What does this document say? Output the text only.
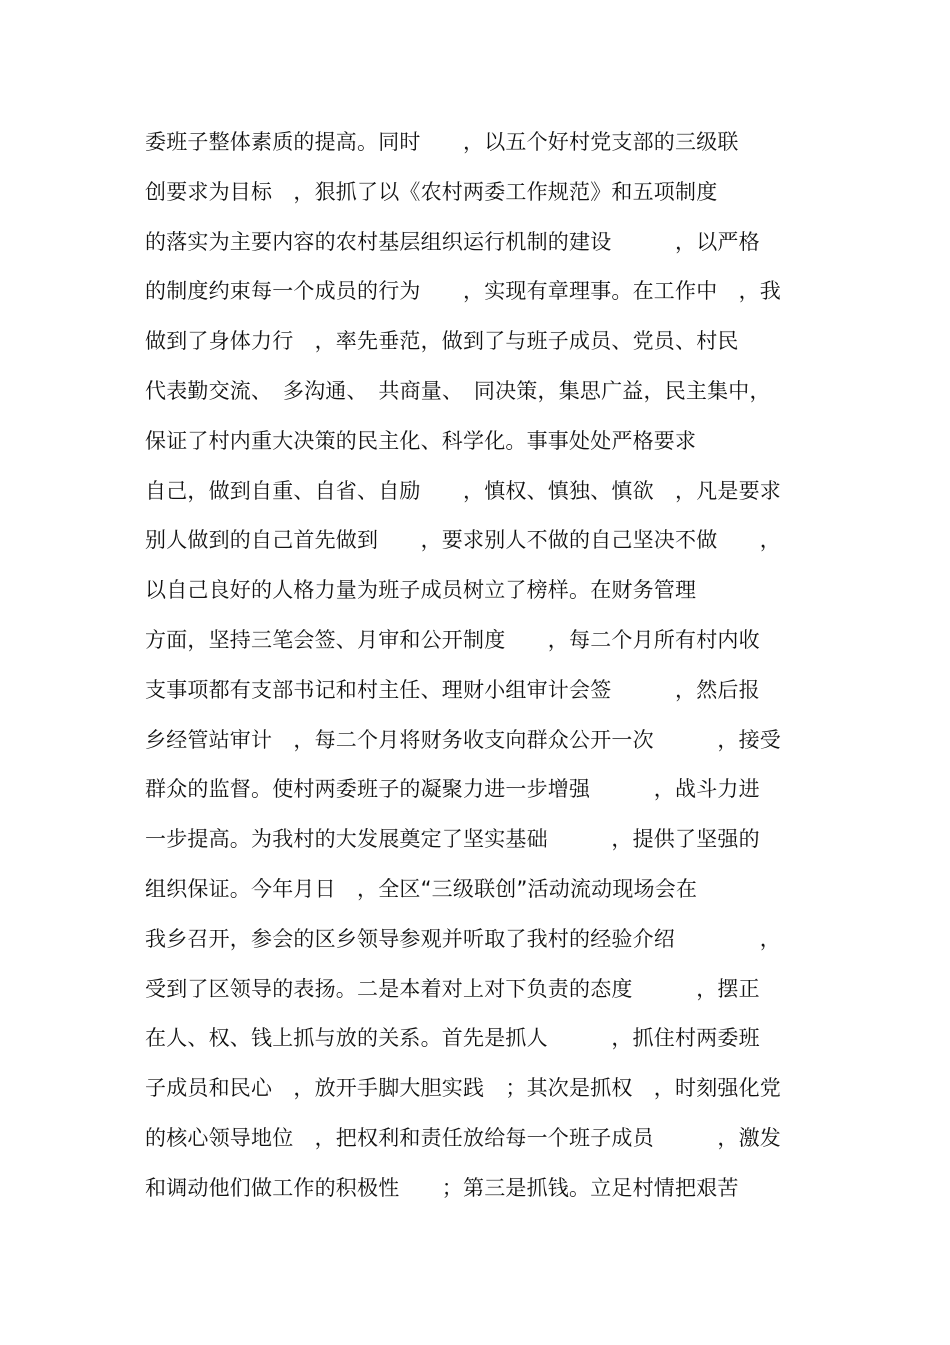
委班子整体素质的提高。同时　　，以五个好村党支部的三级联
创要求为目标　，狠抓了以《农村两委工作规范》和五项制度
的落实为主要内容的农村基层组织运行机制的建设　　　，以严格
的制度约束每一个成员的行为　　，实现有章理事。在工作中　，我
做到了身体力行　，率先垂范，做到了与班子成员、党员、村民
代表勤交流、　多沟通、　共商量、　同决策，集思广益，民主集中，
保证了村内重大决策的民主化、科学化。事事处处严格要求
自己，做到自重、自省、自励　　，慎权、慎独、慎欲　，凡是要求
别人做到的自己首先做到　　，要求别人不做的自己坚决不做　　，
以自己良好的人格力量为班子成员树立了榜样。在财务管理
方面，坚持三笔会签、月审和公开制度　　，每二个月所有村内收
支事项都有支部书记和村主任、理财小组审计会签　　　，然后报
乡经管站审计　，每二个月将财务收支向群众公开一次　　　，接受
群众的监督。使村两委班子的凝聚力进一步增强　　　，战斗力进
一步提高。为我村的大发展奠定了坚实基础　　　，提供了坚强的
组织保证。今年月日　，全区“三级联创”活动流动现场会在
我乡召开，参会的区乡领导参观并听取了我村的经验介绍　　　　，
受到了区领导的表扬。二是本着对上对下负责的态度　　　，摆正
在人、权、钱上抓与放的关系。首先是抓人　　　，抓住村两委班
子成员和民心　，放开手脚大胆实践　；其次是抓权　，时刻强化党
的核心领导地位　，把权利和责任放给每一个班子成员　　　，激发
和调动他们做工作的积极性　　；第三是抓钱。立足村情把艰苦
